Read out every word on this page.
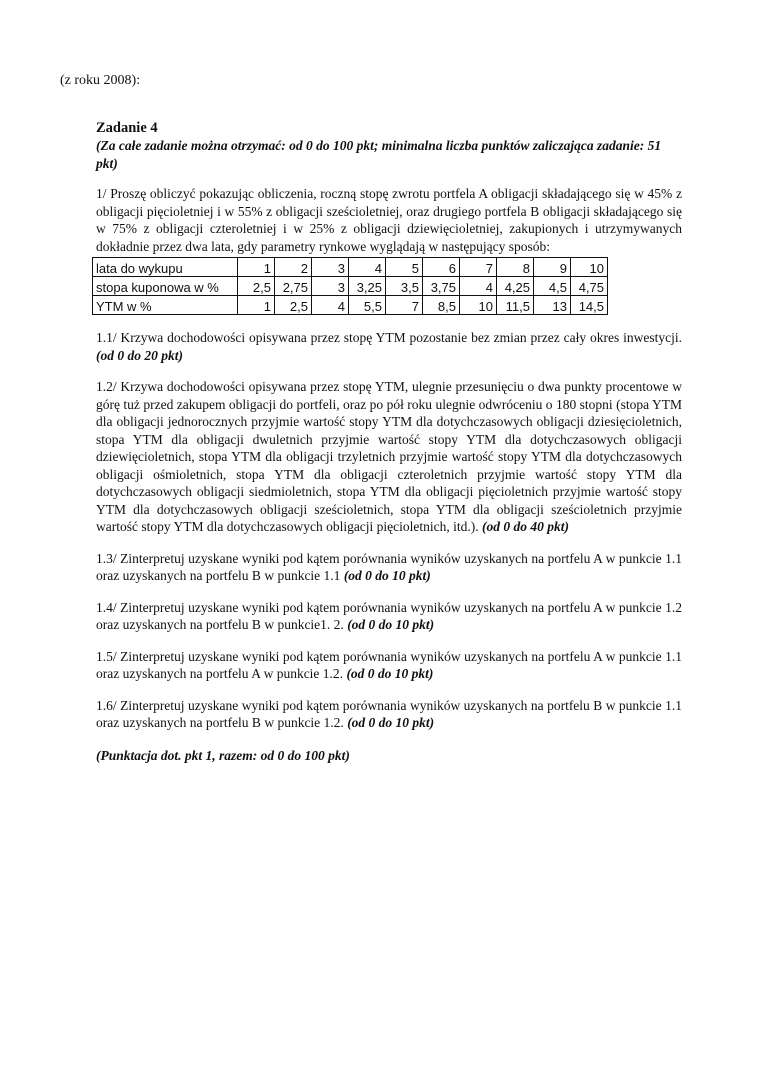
(z roku 2008):

Zadanie 4

(Za całe zadanie można otrzymać: od 0 do 100 pkt; minimalna liczba punktów zaliczająca zadanie: 51 pkt)

1/ Proszę obliczyć pokazując obliczenia, roczną stopę zwrotu portfela A obligacji składającego się w 45% z obligacji pięcioletniej i w 55% z obligacji sześcioletniej, oraz drugiego portfela B obligacji składającego się w 75% z obligacji czteroletniej i w 25% z obligacji dziewięcioletniej, zakupionych i utrzymywanych dokładnie przez dwa lata, gdy parametry rynkowe wyglądają w następujący sposób:

lata do wykupu	1	2	3	4	5	6	7	8	9	10
stopa kuponowa w %	2,5	2,75	3	3,25	3,5	3,75	4	4,25	4,5	4,75
YTM w %	1	2,5	4	5,5	7	8,5	10	11,5	13	14,5

1.1/ Krzywa dochodowości opisywana przez stopę YTM pozostanie bez zmian przez cały okres inwestycji. (od 0 do 20 pkt)

1.2/ Krzywa dochodowości opisywana przez stopę YTM, ulegnie przesunięciu o dwa punkty procentowe w górę tuż przed zakupem obligacji do portfeli, oraz po pół roku ulegnie odwróceniu o 180 stopni (stopa YTM dla obligacji jednorocznych przyjmie wartość stopy YTM dla dotychczasowych obligacji dziesięcioletnich, stopa YTM dla obligacji dwuletnich przyjmie wartość stopy YTM dla dotychczasowych obligacji dziewięcioletnich, stopa YTM dla obligacji trzyletnich przyjmie wartość stopy YTM dla dotychczasowych obligacji ośmioletnich, stopa YTM dla obligacji czteroletnich przyjmie wartość stopy YTM dla dotychczasowych obligacji siedmioletnich, stopa YTM dla obligacji pięcioletnich przyjmie wartość stopy YTM dla dotychczasowych obligacji sześcioletnich, stopa YTM dla obligacji sześcioletnich przyjmie wartość stopy YTM dla dotychczasowych obligacji pięcioletnich, itd.). (od 0 do 40 pkt)

1.3/ Zinterpretuj uzyskane wyniki pod kątem porównania wyników uzyskanych na portfelu A w punkcie 1.1 oraz uzyskanych na portfelu B w punkcie 1.1 (od 0 do 10 pkt)

1.4/ Zinterpretuj uzyskane wyniki pod kątem porównania wyników uzyskanych na portfelu A w punkcie 1.2 oraz uzyskanych na portfelu B w punkcie1. 2. (od 0 do 10 pkt)

1.5/ Zinterpretuj uzyskane wyniki pod kątem porównania wyników uzyskanych na portfelu A w punkcie 1.1 oraz uzyskanych na portfelu A w punkcie 1.2. (od 0 do 10 pkt)

1.6/ Zinterpretuj uzyskane wyniki pod kątem porównania wyników uzyskanych na portfelu B w punkcie 1.1 oraz uzyskanych na portfelu B w punkcie 1.2. (od 0 do 10 pkt)

(Punktacja dot. pkt 1, razem: od 0 do 100 pkt)
